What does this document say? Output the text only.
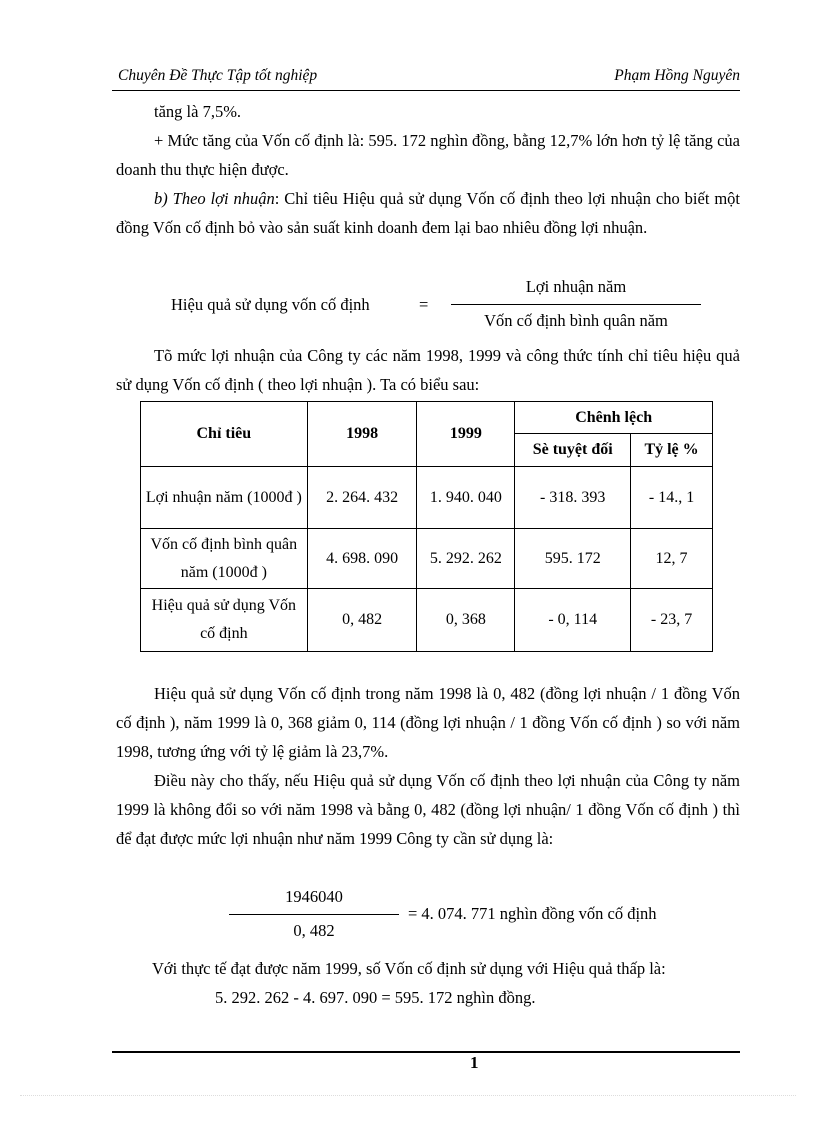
Chuyên Đề Thực Tập tốt nghiệp	Phạm Hồng Nguyên

tăng là 7,5%.

+ Mức tăng của Vốn cố định là: 595. 172 nghìn đồng, bằng 12,7% lớn hơn tỷ lệ tăng của doanh thu thực hiện được.

b) Theo lợi nhuận: Chỉ tiêu Hiệu quả sử dụng Vốn cố định theo lợi nhuận cho biết một đồng Vốn cố định bỏ vào sản suất kinh doanh đem lại bao nhiêu đồng lợi nhuận.

Hiệu quả sử dụng vốn cố định	=
Lợi nhuận năm
Vốn cố định bình quân năm

Tõ mức lợi nhuận của Công ty các năm 1998, 1999 và công thức tính chỉ tiêu hiệu quả sử dụng Vốn cố định ( theo lợi nhuận ). Ta có biểu sau:

Chỉ tiêu	1998	1999	Chênh lệch	
			Sè tuyệt đối	Tỷ lệ %
Lợi nhuận năm (1000đ )	2. 264. 432	1. 940. 040	- 318. 393	- 14., 1
Vốn cố định bình quân năm (1000đ )	4. 698. 090	5. 292. 262	595. 172	12, 7
Hiệu quả sử dụng Vốn cố định	0, 482	0, 368	- 0, 114	- 23, 7

Hiệu quả sử dụng Vốn cố định trong năm 1998 là 0, 482 (đồng lợi nhuận / 1 đồng Vốn cố định ), năm 1999 là 0, 368 giảm 0, 114 (đồng lợi nhuận / 1 đồng Vốn cố định ) so với năm 1998, tương ứng với tỷ lệ giảm là 23,7%.

Điều này cho thấy, nếu Hiệu quả sử dụng Vốn cố định theo lợi nhuận của Công ty năm 1999 là không đổi so với năm 1998 và bằng 0, 482 (đồng lợi nhuận/ 1 đồng Vốn cố định ) thì để đạt được mức lợi nhuận như năm 1999 Công ty cần sử dụng là:

1946040
0, 482
= 4. 074. 771 nghìn đồng vốn cố định

Với thực tế đạt được năm 1999, số Vốn cố định sử dụng với Hiệu quả thấp là:

5. 292. 262 - 4. 697. 090 = 595. 172 nghìn đồng.

1
